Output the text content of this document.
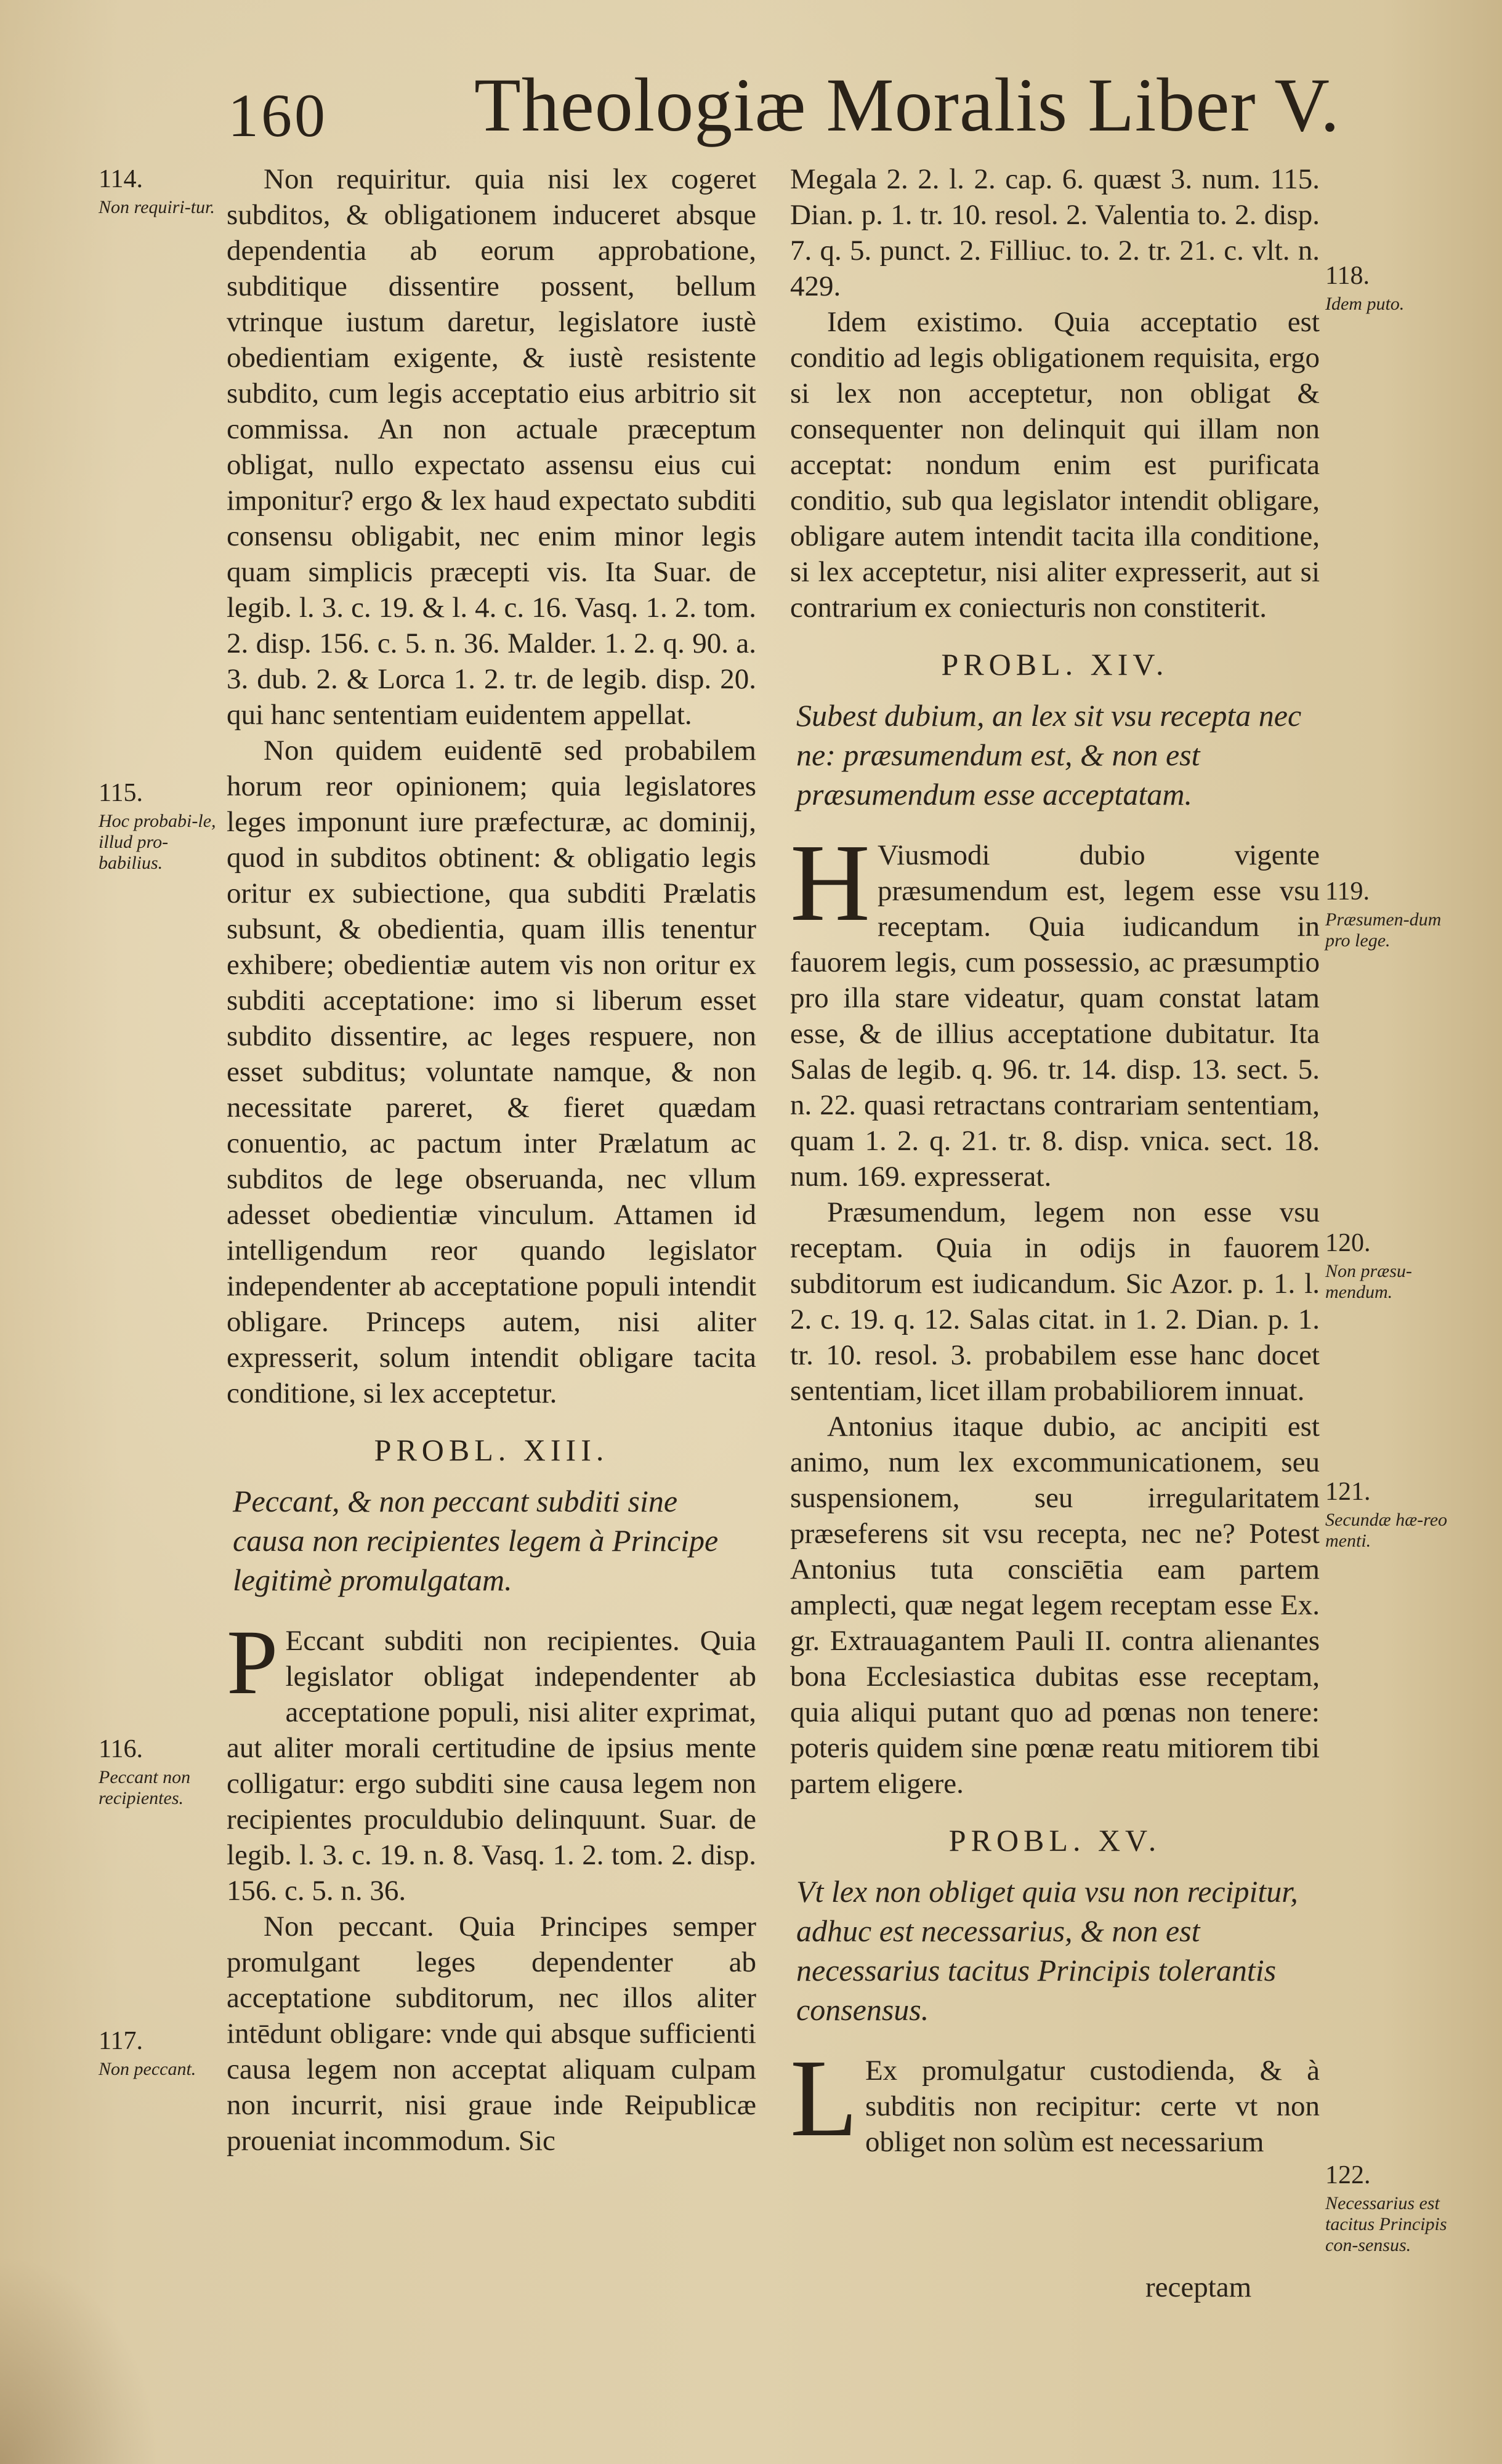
160 Theologiæ Moralis Liber V.
114.
Non requiri-tur.
115.
Hoc probabi-le, illud pro-babilius.
116.
Peccant non recipientes.
117.
Non peccant.
118.
Idem puto.
119.
Præsumen-dum pro lege.
120.
Non præsu-mendum.
121.
Secundæ hæ-reo menti.
122.
Necessarius est tacitus Principis con-sensus.

Non requiritur. quia nisi lex cogeret subditos, & obligationem induceret absque dependentia ab eorum approbatione, subditique dissentire possent, bellum vtrinque iustum daretur, legislatore iustè obedientiam exigente, & iustè resistente subdito, cum legis acceptatio eius arbitrio sit commissa. An non actuale præceptum obligat, nullo expectato assensu eius cui imponitur? ergo & lex haud expectato subditi consensu obligabit, nec enim minor legis quam simplicis præcepti vis. Ita Suar. de legib. l. 3. c. 19. & l. 4. c. 16. Vasq. 1. 2. tom. 2. disp. 156. c. 5. n. 36. Malder. 1. 2. q. 90. a. 3. dub. 2. & Lorca 1. 2. tr. de legib. disp. 20. qui hanc sententiam euidentem appellat.

Non quidem euidentē sed probabilem horum reor opinionem; quia legislatores leges imponunt iure præfecturæ, ac dominij, quod in subditos obtinent: & obligatio legis oritur ex subiectione, qua subditi Prælatis subsunt, & obedientia, quam illis tenentur exhibere; obedientiæ autem vis non oritur ex subditi acceptatione: imo si liberum esset subdito dissentire, ac leges respuere, non esset subditus; voluntate namque, & non necessitate pareret, & fieret quædam conuentio, ac pactum inter Prælatum ac subditos de lege obseruanda, nec vllum adesset obedientiæ vinculum. Attamen id intelligendum reor quando legislator independenter ab acceptatione populi intendit obligare. Princeps autem, nisi aliter expresserit, solum intendit obligare tacita conditione, si lex acceptetur.

PROBL. XIII.

Peccant, & non peccant subditi sine causa non recipientes legem à Principe legitimè promulgatam.

P Eccant subditi non recipientes. Quia legislator obligat independenter ab acceptatione populi, nisi aliter exprimat, aut aliter morali certitudine de ipsius mente colligatur: ergo subditi sine causa legem non recipientes proculdubio delinquunt. Suar. de legib. l. 3. c. 19. n. 8. Vasq. 1. 2. tom. 2. disp. 156. c. 5. n. 36.

Non peccant. Quia Principes semper promulgant leges dependenter ab acceptatione subditorum, nec illos aliter intēdunt obligare: vnde qui absque sufficienti causa legem non acceptat aliquam culpam non incurrit, nisi graue inde Reipublicæ proueniat incommodum. Sic

Megala 2. 2. l. 2. cap. 6. quæst 3. num. 115. Dian. p. 1. tr. 10. resol. 2. Valentia to. 2. disp. 7. q. 5. punct. 2. Filliuc. to. 2. tr. 21. c. vlt. n. 429.

Idem existimo. Quia acceptatio est conditio ad legis obligationem requisita, ergo si lex non acceptetur, non obligat & consequenter non delinquit qui illam non acceptat: nondum enim est purificata conditio, sub qua legislator intendit obligare, obligare autem intendit tacita illa conditione, si lex acceptetur, nisi aliter expresserit, aut si contrarium ex coniecturis non constiterit.

PROBL. XIV.

Subest dubium, an lex sit vsu recepta nec ne: præsumendum est, & non est præsumendum esse acceptatam.

H Viusmodi dubio vigente præsumendum est, legem esse vsu receptam. Quia iudicandum in fauorem legis, cum possessio, ac præsumptio pro illa stare videatur, quam constat latam esse, & de illius acceptatione dubitatur. Ita Salas de legib. q. 96. tr. 14. disp. 13. sect. 5. n. 22. quasi retractans contrariam sententiam, quam 1. 2. q. 21. tr. 8. disp. vnica. sect. 18. num. 169. expresserat.

Præsumendum, legem non esse vsu receptam. Quia in odijs in fauorem subditorum est iudicandum. Sic Azor. p. 1. l. 2. c. 19. q. 12. Salas citat. in 1. 2. Dian. p. 1. tr. 10. resol. 3. probabilem esse hanc docet sententiam, licet illam probabiliorem innuat.

Antonius itaque dubio, ac ancipiti est animo, num lex excommunicationem, seu suspensionem, seu irregularitatem præseferens sit vsu recepta, nec ne? Potest Antonius tuta consciētia eam partem amplecti, quæ negat legem receptam esse Ex. gr. Extrauagantem Pauli II. contra alienantes bona Ecclesiastica dubitas esse receptam, quia aliqui putant quo ad pœnas non tenere: poteris quidem sine pœnæ reatu mitiorem tibi partem eligere.

PROBL. XV.

Vt lex non obliget quia vsu non recipitur, adhuc est necessarius, & non est necessarius tacitus Principis tolerantis consensus.

L Ex promulgatur custodienda, & à subditis non recipitur: certe vt non obliget non solùm est necessarium

receptam
